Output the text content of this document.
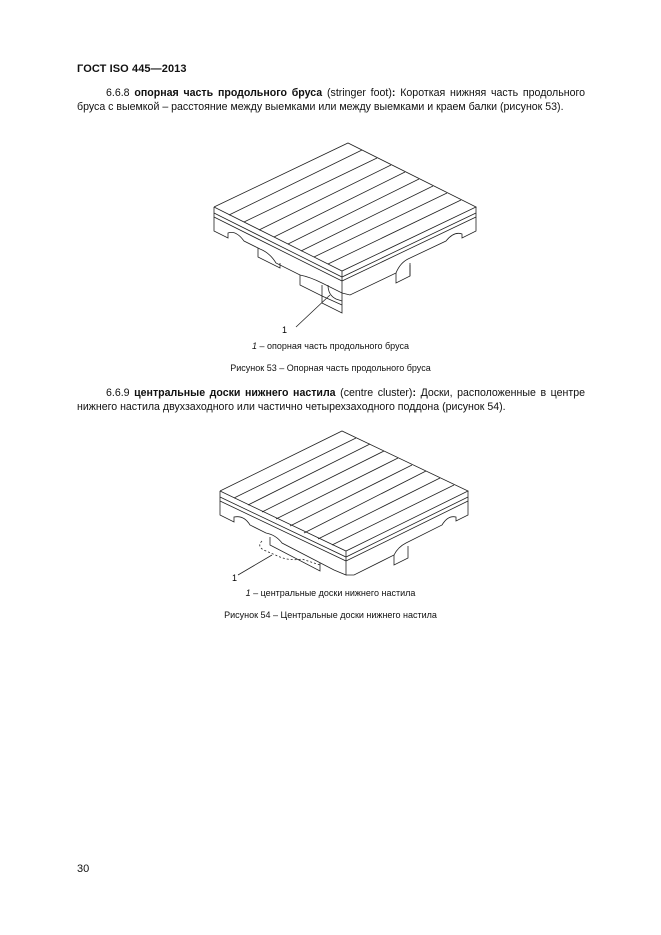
ГОСТ ISO 445—2013
6.6.8 опорная часть продольного бруса (stringer foot): Короткая нижняя часть продольного бруса с выемкой – расстояние между выемками или между выемками и краем балки (рисунок 53).
1
1 – опорная часть продольного бруса
Рисунок 53 – Опорная часть продольного бруса
6.6.9 центральные доски нижнего настила (centre cluster): Доски, расположенные в центре нижнего настила двухзаходного или частично четырехзаходного поддона (рисунок 54).
1
1 – центральные доски нижнего настила
Рисунок 54 – Центральные доски нижнего настила
30
